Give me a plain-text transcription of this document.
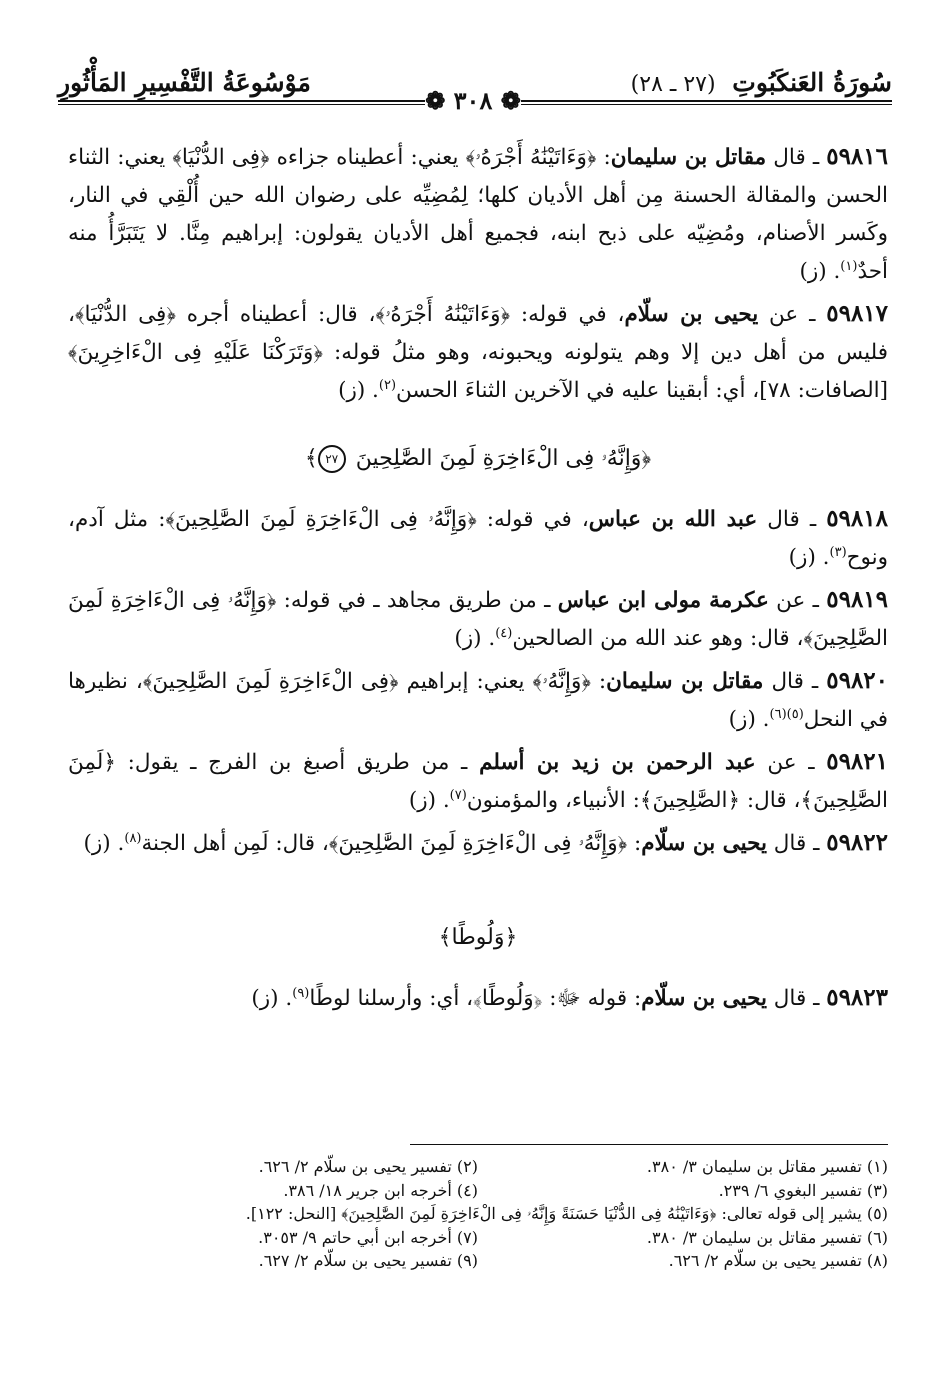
سُورَةُ العَنكَبُوتِ (٢٧ ـ ٢٨)
مَوْسُوعَةُ التَّفْسِيرِ المَأْثُورِ
❁ ٣٠٨ ❁

٥٩٨١٦ ـ قال مقاتل بن سليمان: ﴿وَءَاتَيْنَٰهُ أَجْرَهُۥ﴾ يعني: أعطيناه جزاءه ﴿فِى الدُّنْيَا﴾ يعني: الثناء الحسن والمقالة الحسنة مِن أهل الأديان كلها؛ لِمُضِيِّه على رضوان الله حين أُلْقِي في النار، وكَسر الأصنام، ومُضِيّه على ذبح ابنه، فجميع أهل الأديان يقولون: إبراهيم مِنَّا. لا يَتَبَرَّأُ منه أحدٌ$^{(١)}$. (ز)

٥٩٨١٧ ـ عن يحيى بن سلّام، في قوله: ﴿وَءَاتَيْنَٰهُ أَجْرَهُۥ﴾، قال: أعطيناه أجره ﴿فِى الدُّنْيَا﴾، فليس من أهل دين إلا وهم يتولونه ويحبونه، وهو مثلُ قوله: ﴿وَتَرَكْنَا عَلَيْهِ فِى الْءَاخِرِينَ﴾ [الصافات: ٧٨]، أي: أبقينا عليه في الآخرين الثناءَ الحسن$^{(٢)}$. (ز)

﴿وَإِنَّهُۥ فِى الْءَاخِرَةِ لَمِنَ الصَّٰلِحِينَ ٢٧﴾

٥٩٨١٨ ـ قال عبد الله بن عباس، في قوله: ﴿وَإِنَّهُۥ فِى الْءَاخِرَةِ لَمِنَ الصَّٰلِحِينَ﴾: مثل آدم، ونوح$^{(٣)}$. (ز)

٥٩٨١٩ ـ عن عكرمة مولى ابن عباس ـ من طريق مجاهد ـ في قوله: ﴿وَإِنَّهُۥ فِى الْءَاخِرَةِ لَمِنَ الصَّٰلِحِينَ﴾، قال: وهو عند الله من الصالحين$^{(٤)}$. (ز)

٥٩٨٢٠ ـ قال مقاتل بن سليمان: ﴿وَإِنَّهُۥ﴾ يعني: إبراهيم ﴿فِى الْءَاخِرَةِ لَمِنَ الصَّٰلِحِينَ﴾، نظيرها في النحل$^{(٥)(٦)}$. (ز)

٥٩٨٢١ ـ عن عبد الرحمن بن زيد بن أسلم ـ من طريق أصبغ بن الفرج ـ يقول: ﴿لَمِنَ الصَّٰلِحِينَ﴾، قال: ﴿الصَّٰلِحِينَ﴾: الأنبياء، والمؤمنون$^{(٧)}$. (ز)

٥٩٨٢٢ ـ قال يحيى بن سلّام: ﴿وَإِنَّهُۥ فِى الْءَاخِرَةِ لَمِنَ الصَّٰلِحِينَ﴾، قال: لَمِن أهل الجنة$^{(٨)}$. (ز)

﴿وَلُوطًا﴾

٥٩٨٢٣ ـ قال يحيى بن سلّام: قوله ﷻ: ﴿وَلُوطًا﴾، أي: وأرسلنا لوطًا$^{(٩)}$. (ز)

(١) تفسير مقاتل بن سليمان ٣/ ٣٨٠.
(٢) تفسير يحيى بن سلّام ٢/ ٦٢٦.
(٣) تفسير البغوي ٦/ ٢٣٩.
(٤) أخرجه ابن جرير ١٨/ ٣٨٦.
(٥) يشير إلى قوله تعالى: ﴿وَءَاتَيْنَٰهُ فِى الدُّنْيَا حَسَنَةً وَإِنَّهُۥ فِى الْءَاخِرَةِ لَمِنَ الصَّٰلِحِينَ﴾ [النحل: ١٢٢].
(٦) تفسير مقاتل بن سليمان ٣/ ٣٨٠.
(٧) أخرجه ابن أبي حاتم ٩/ ٣٠٥٣.
(٨) تفسير يحيى بن سلّام ٢/ ٦٢٦.
(٩) تفسير يحيى بن سلّام ٢/ ٦٢٧.
